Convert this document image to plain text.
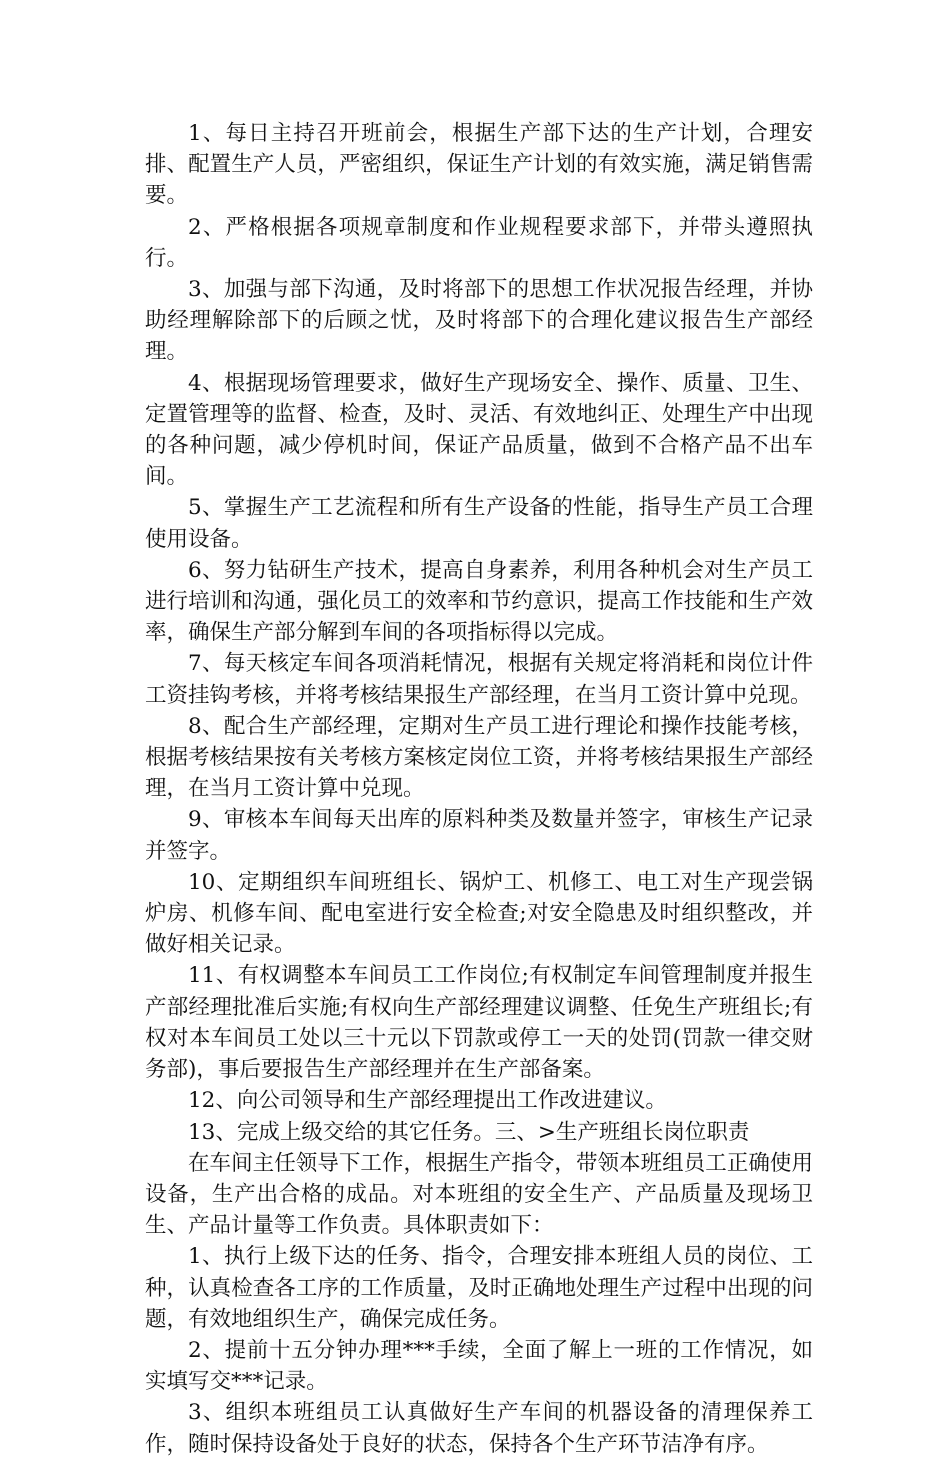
1、每日主持召开班前会，根据生产部下达的生产计划，合理安排、配置生产人员，严密组织，保证生产计划的有效实施，满足销售需要。

2、严格根据各项规章制度和作业规程要求部下，并带头遵照执行。

3、加强与部下沟通，及时将部下的思想工作状况报告经理，并协助经理解除部下的后顾之忧，及时将部下的合理化建议报告生产部经理。

4、根据现场管理要求，做好生产现场安全、操作、质量、卫生、定置管理等的监督、检查，及时、灵活、有效地纠正、处理生产中出现的各种问题，减少停机时间，保证产品质量，做到不合格产品不出车间。

5、掌握生产工艺流程和所有生产设备的性能，指导生产员工合理使用设备。

6、努力钻研生产技术，提高自身素养，利用各种机会对生产员工进行培训和沟通，强化员工的效率和节约意识，提高工作技能和生产效率，确保生产部分解到车间的各项指标得以完成。

7、每天核定车间各项消耗情况，根据有关规定将消耗和岗位计件工资挂钩考核，并将考核结果报生产部经理，在当月工资计算中兑现。

8、配合生产部经理，定期对生产员工进行理论和操作技能考核，根据考核结果按有关考核方案核定岗位工资，并将考核结果报生产部经理，在当月工资计算中兑现。

9、审核本车间每天出库的原料种类及数量并签字，审核生产记录并签字。

10、定期组织车间班组长、锅炉工、机修工、电工对生产现尝锅炉房、机修车间、配电室进行安全检查;对安全隐患及时组织整改，并做好相关记录。

11、有权调整本车间员工工作岗位;有权制定车间管理制度并报生产部经理批准后实施;有权向生产部经理建议调整、任免生产班组长;有权对本车间员工处以三十元以下罚款或停工一天的处罚(罚款一律交财务部)，事后要报告生产部经理并在生产部备案。

12、向公司领导和生产部经理提出工作改进建议。

13、完成上级交给的其它任务。三、>生产班组长岗位职责

在车间主任领导下工作，根据生产指令，带领本班组员工正确使用设备，生产出合格的成品。对本班组的安全生产、产品质量及现场卫生、产品计量等工作负责。具体职责如下：

1、执行上级下达的任务、指令，合理安排本班组人员的岗位、工种，认真检查各工序的工作质量，及时正确地处理生产过程中出现的问题，有效地组织生产，确保完成任务。

2、提前十五分钟办理***手续，全面了解上一班的工作情况，如实填写交***记录。

3、组织本班组员工认真做好生产车间的机器设备的清理保养工作，随时保持设备处于良好的状态，保持各个生产环节洁净有序。
